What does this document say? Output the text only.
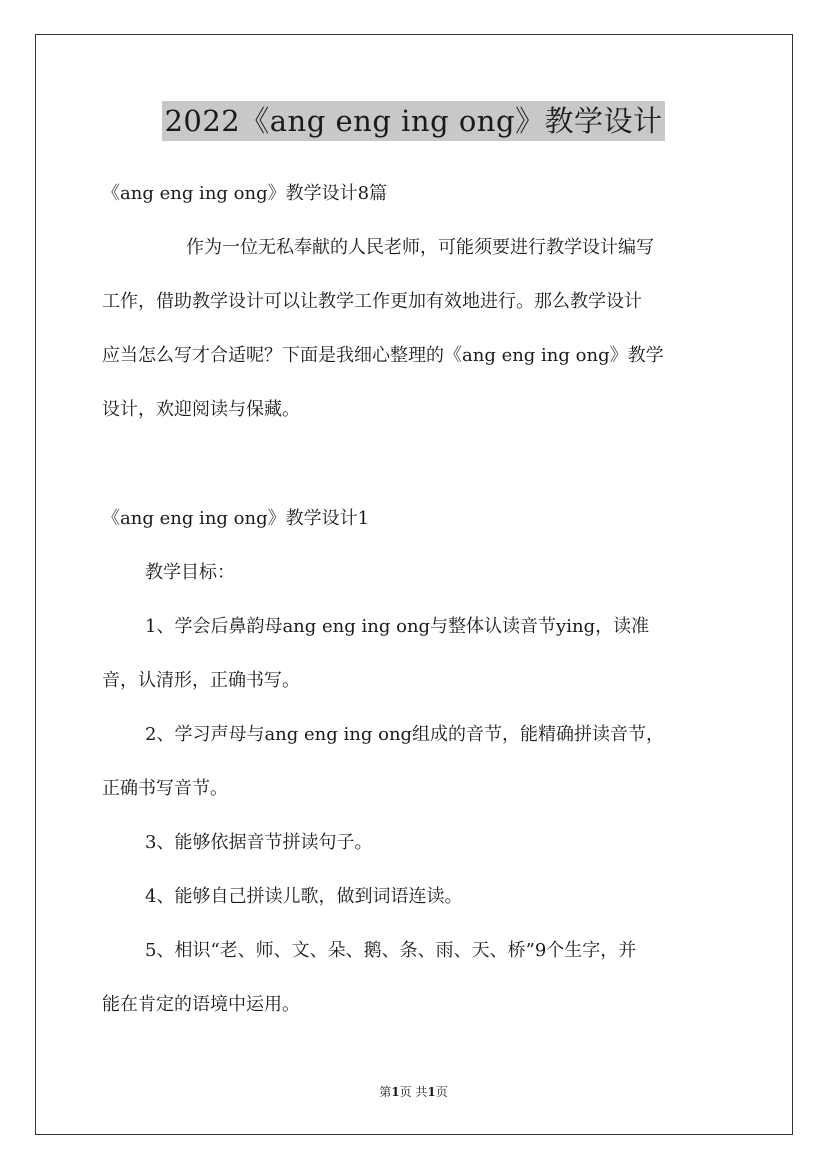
2022《ang eng ing ong》教学设计
《ang eng ing ong》教学设计8篇
作为一位无私奉献的人民老师，可能须要进行教学设计编写
工作，借助教学设计可以让教学工作更加有效地进行。那么教学设计
应当怎么写才合适呢？下面是我细心整理的《ang eng ing ong》教学
设计，欢迎阅读与保藏。
《ang eng ing ong》教学设计1
教学目标：
1、学会后鼻韵母ang eng ing ong与整体认读音节ying，读准
音，认清形，正确书写。
2、学习声母与ang eng ing ong组成的音节，能精确拼读音节，
正确书写音节。
3、能够依据音节拼读句子。
4、能够自己拼读儿歌，做到词语连读。
5、相识“老、师、文、朵、鹅、条、雨、天、桥”9个生字，并
能在肯定的语境中运用。
第1页 共1页
